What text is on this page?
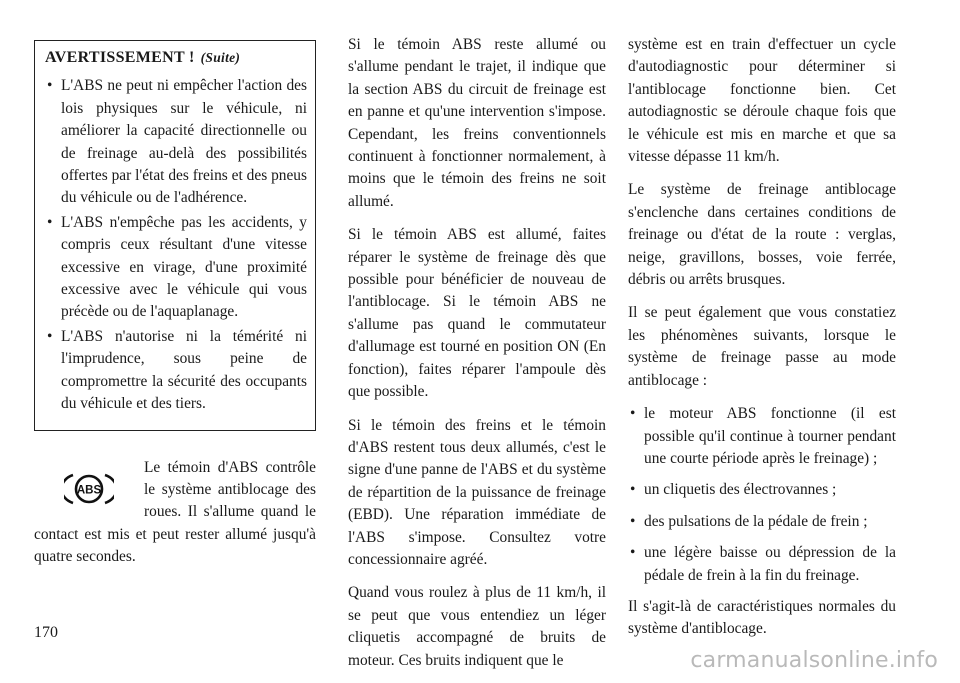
AVERTISSEMENT ! (Suite)
• L'ABS ne peut ni empêcher l'action des lois physiques sur le véhicule, ni améliorer la capacité directionnelle ou de freinage au-delà des possibilités offertes par l'état des freins et des pneus du véhicule ou de l'adhérence.
• L'ABS n'empêche pas les accidents, y compris ceux résultant d'une vitesse excessive en virage, d'une proximité excessive avec le véhicule qui vous précède ou de l'aquaplanage.
• L'ABS n'autorise ni la témérité ni l'imprudence, sous peine de compromettre la sécurité des occupants du véhicule et des tiers.
ABS
Le témoin d'ABS contrôle le système antiblocage des roues. Il s'allume quand le contact est mis et peut rester allumé jusqu'à quatre secondes.

Si le témoin ABS reste allumé ou s'allume pendant le trajet, il indique que la section ABS du circuit de freinage est en panne et qu'une intervention s'impose. Cependant, les freins conventionnels continuent à fonctionner normalement, à moins que le témoin des freins ne soit allumé.

Si le témoin ABS est allumé, faites réparer le système de freinage dès que possible pour bénéficier de nouveau de l'antiblocage. Si le témoin ABS ne s'allume pas quand le commutateur d'allumage est tourné en position ON (En fonction), faites réparer l'ampoule dès que possible.

Si le témoin des freins et le témoin d'ABS restent tous deux allumés, c'est le signe d'une panne de l'ABS et du système de répartition de la puissance de freinage (EBD). Une réparation immédiate de l'ABS s'impose. Consultez votre concessionnaire agréé.

Quand vous roulez à plus de 11 km/h, il se peut que vous entendiez un léger cliquetis accompagné de bruits de moteur. Ces bruits indiquent que le

système est en train d'effectuer un cycle d'autodiagnostic pour déterminer si l'antiblocage fonctionne bien. Cet autodiagnostic se déroule chaque fois que le véhicule est mis en marche et que sa vitesse dépasse 11 km/h.

Le système de freinage antiblocage s'enclenche dans certaines conditions de freinage ou d'état de la route : verglas, neige, gravillons, bosses, voie ferrée, débris ou arrêts brusques.

Il se peut également que vous constatiez les phénomènes suivants, lorsque le système de freinage passe au mode antiblocage :

• le moteur ABS fonctionne (il est possible qu'il continue à tourner pendant une courte période après le freinage) ;
• un cliquetis des électrovannes ;
• des pulsations de la pédale de frein ;
• une légère baisse ou dépression de la pédale de frein à la fin du freinage.

Il s'agit-là de caractéristiques normales du système d'antiblocage.

170
carmanualsonline.info
